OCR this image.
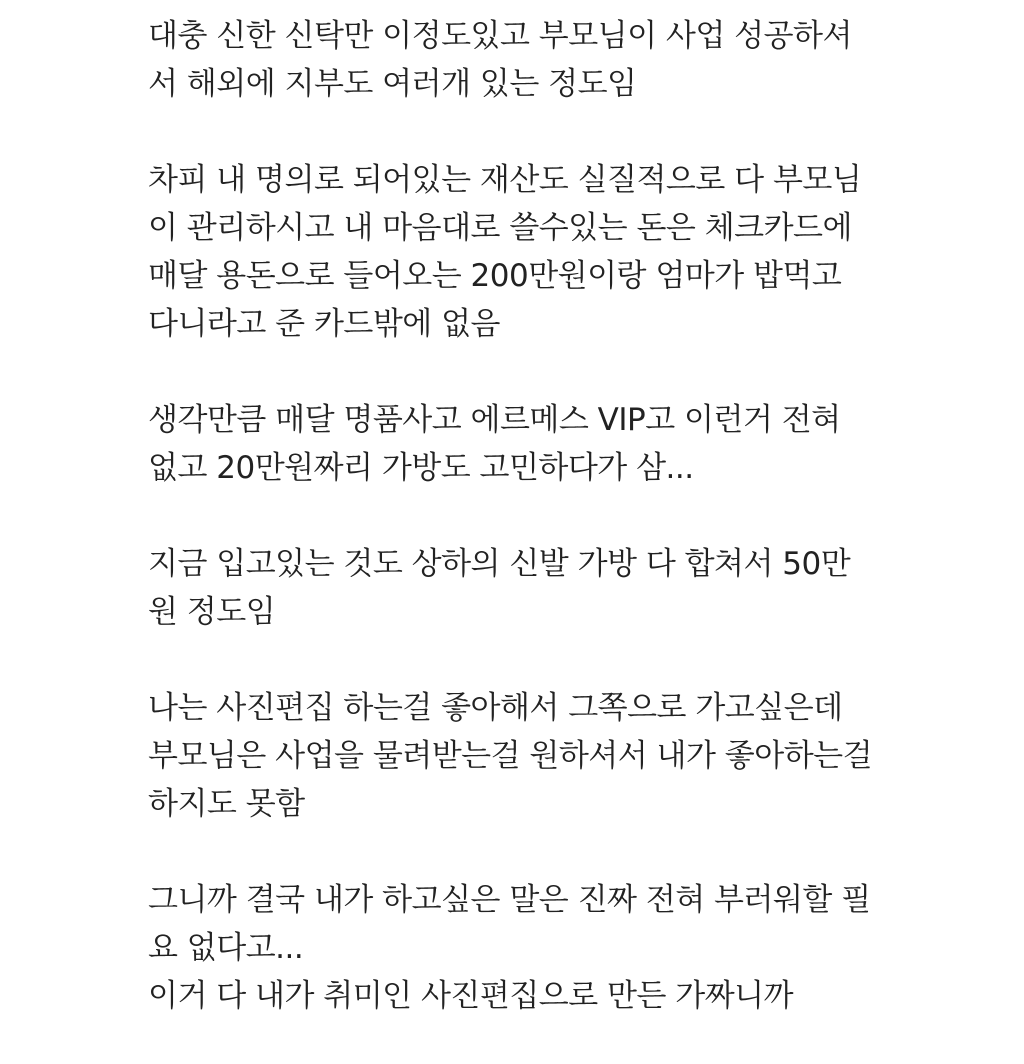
대충 신한 신탁만 이정도있고 부모님이 사업 성공하셔
서 해외에 지부도 여러개 있는 정도임
차피 내 명의로 되어있는 재산도 실질적으로 다 부모님
이 관리하시고 내 마음대로 쓸수있는 돈은 체크카드에
매달 용돈으로 들어오는 200만원이랑 엄마가 밥먹고
다니라고 준 카드밖에 없음
생각만큼 매달 명품사고 에르메스 VIP고 이런거 전혀
없고 20만원짜리 가방도 고민하다가 삼...
지금 입고있는 것도 상하의 신발 가방 다 합쳐서 50만
원 정도임
나는 사진편집 하는걸 좋아해서 그쪽으로 가고싶은데
부모님은 사업을 물려받는걸 원하셔서 내가 좋아하는걸
하지도 못함
그니까 결국 내가 하고싶은 말은 진짜 전혀 부러워할 필
요 없다고...
이거 다 내가 취미인 사진편집으로 만든 가짜니까
